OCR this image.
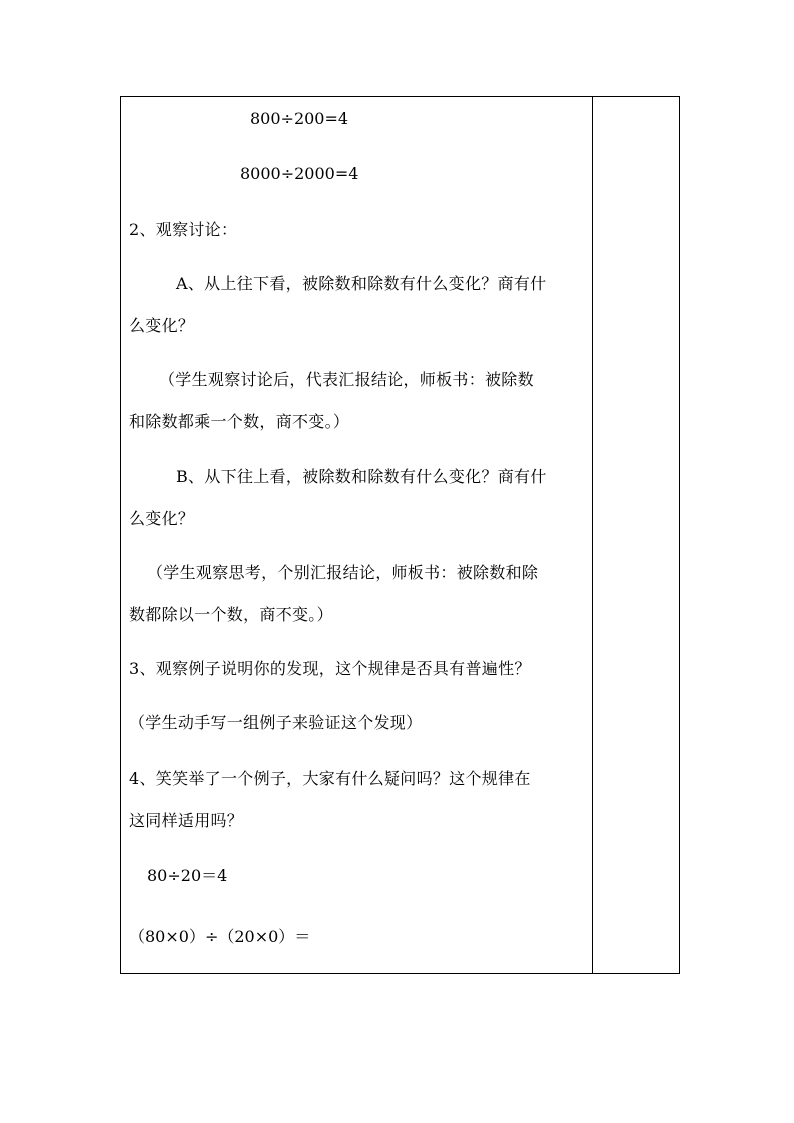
800÷200=4
8000÷2000=4
2、观察讨论：
A、从上往下看，被除数和除数有什么变化？商有什
么变化？
（学生观察讨论后，代表汇报结论，师板书：被除数
和除数都乘一个数，商不变。）
B、从下往上看，被除数和除数有什么变化？商有什
么变化？
（学生观察思考，个别汇报结论，师板书：被除数和除
数都除以一个数，商不变。）
3、观察例子说明你的发现，这个规律是否具有普遍性？
（学生动手写一组例子来验证这个发现）
4、笑笑举了一个例子，大家有什么疑问吗？这个规律在
这同样适用吗？
80÷20＝4
（80×0）÷（20×0）＝
